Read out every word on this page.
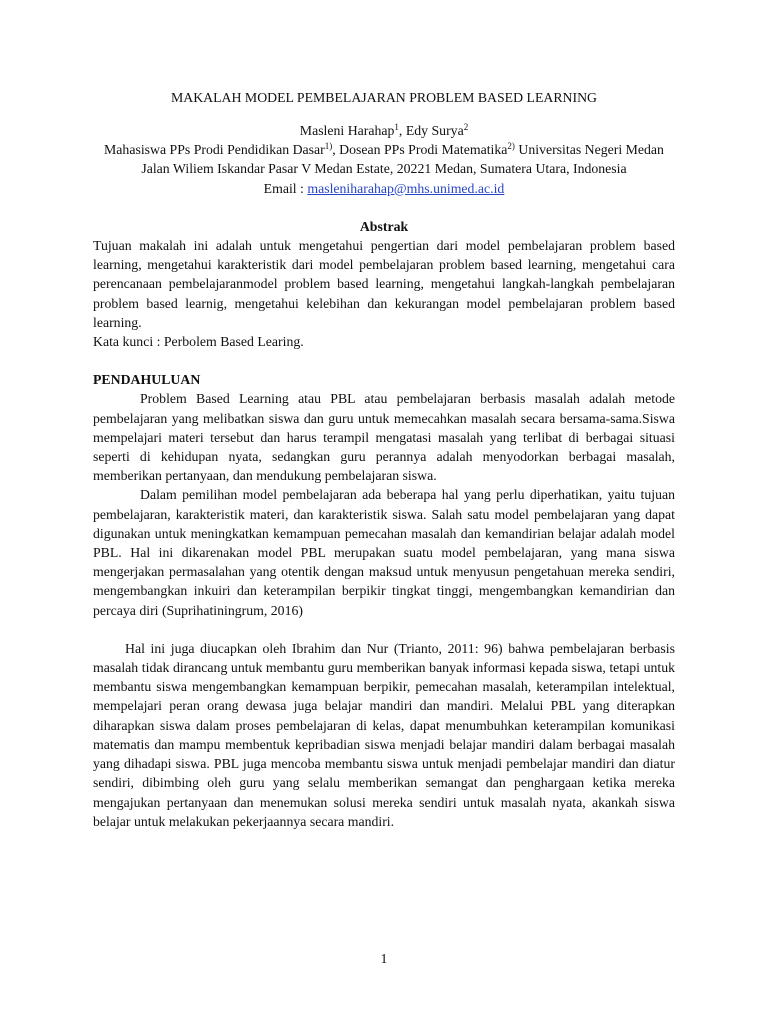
MAKALAH MODEL PEMBELAJARAN PROBLEM BASED LEARNING

Masleni Harahap$^1$, Edy Surya$^2$

Mahasiswa PPs Prodi Pendidikan Dasar$^{1)}$, Dosean PPs Prodi Matematika$^{2)}$ Universitas Negeri Medan Jalan Wiliem Iskandar Pasar V Medan Estate, 20221 Medan, Sumatera Utara, Indonesia

Email : masleniharahap@mhs.unimed.ac.id

Abstrak

Tujuan makalah ini adalah untuk mengetahui pengertian dari model pembelajaran problem based learning, mengetahui karakteristik dari model pembelajaran problem based learning, mengetahui cara perencanaan pembelajaranmodel problem based learning, mengetahui langkah-langkah pembelajaran problem based learnig, mengetahui kelebihan dan kekurangan model pembelajaran problem based learning.

Kata kunci : Perbolem Based Learing.

PENDAHULUAN

Problem Based Learning atau PBL atau pembelajaran berbasis masalah adalah metode pembelajaran yang melibatkan siswa dan guru untuk memecahkan masalah secara bersama-sama.Siswa mempelajari materi tersebut dan harus terampil mengatasi masalah yang terlibat di berbagai situasi seperti di kehidupan nyata, sedangkan guru perannya adalah menyodorkan berbagai masalah, memberikan pertanyaan, dan mendukung pembelajaran siswa.

Dalam pemilihan model pembelajaran ada beberapa hal yang perlu diperhatikan, yaitu tujuan pembelajaran, karakteristik materi, dan karakteristik siswa. Salah satu model pembelajaran yang dapat digunakan untuk meningkatkan kemampuan pemecahan masalah dan kemandirian belajar adalah model PBL. Hal ini dikarenakan model PBL merupakan suatu model pembelajaran, yang mana siswa mengerjakan permasalahan yang otentik dengan maksud untuk menyusun pengetahuan mereka sendiri, mengembangkan inkuiri dan keterampilan berpikir tingkat tinggi, mengembangkan kemandirian dan percaya diri (Suprihatiningrum, 2016)

Hal ini juga diucapkan oleh Ibrahim dan Nur (Trianto, 2011: 96) bahwa pembelajaran berbasis masalah tidak dirancang untuk membantu guru memberikan banyak informasi kepada siswa, tetapi untuk membantu siswa mengembangkan kemampuan berpikir, pemecahan masalah, keterampilan intelektual, mempelajari peran orang dewasa juga belajar mandiri dan mandiri. Melalui PBL yang diterapkan diharapkan siswa dalam proses pembelajaran di kelas, dapat menumbuhkan keterampilan komunikasi matematis dan mampu membentuk kepribadian siswa menjadi belajar mandiri dalam berbagai masalah yang dihadapi siswa. PBL juga mencoba membantu siswa untuk menjadi pembelajar mandiri dan diatur sendiri, dibimbing oleh guru yang selalu memberikan semangat dan penghargaan ketika mereka mengajukan pertanyaan dan menemukan solusi mereka sendiri untuk masalah nyata, akankah siswa belajar untuk melakukan pekerjaannya secara mandiri.

1
